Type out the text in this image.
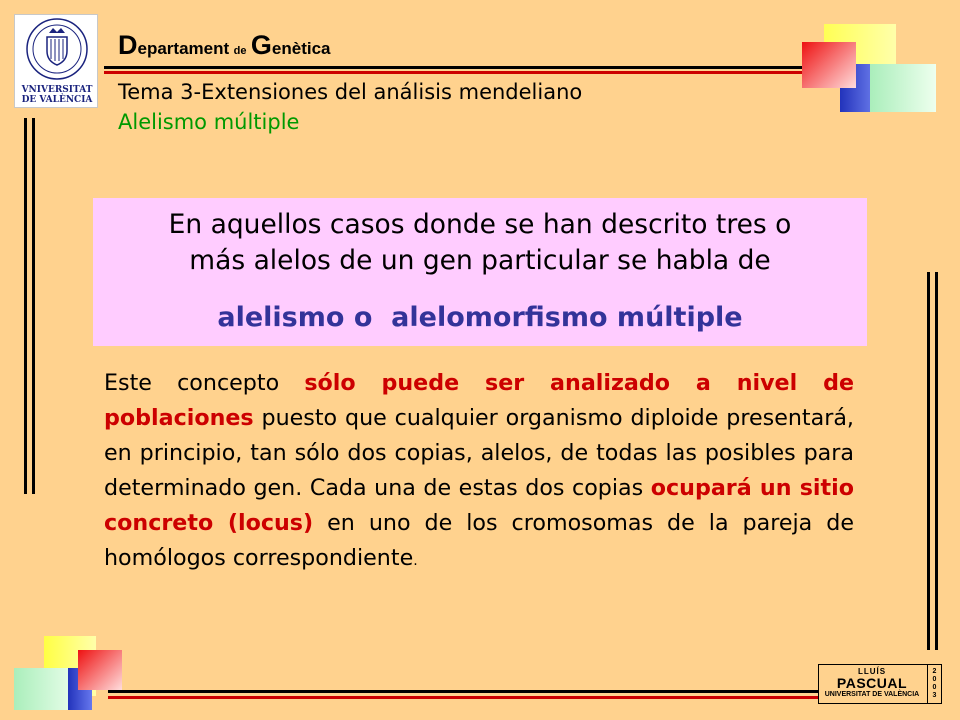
VNIVERSITAT
DE VALÈNCIA
Departament de Genètica
Tema 3-Extensiones del análisis mendeliano
Alelismo múltiple
En aquellos casos donde se han descrito tres o
más alelos de un gen particular se habla de
alelismo o  alelomorfismo múltiple
Este concepto sólo puede ser analizado a nivel de poblaciones puesto que cualquier organismo diploide presentará, en principio, tan sólo dos copias, alelos, de todas las posibles para determinado gen. Cada una de estas dos copias ocupará un sitio concreto (locus) en uno de los cromosomas de la pareja de homólogos correspondiente.
LLUÍS
PASCUAL
UNIVERSITAT DE VALÈNCIA
2
0
0
3
